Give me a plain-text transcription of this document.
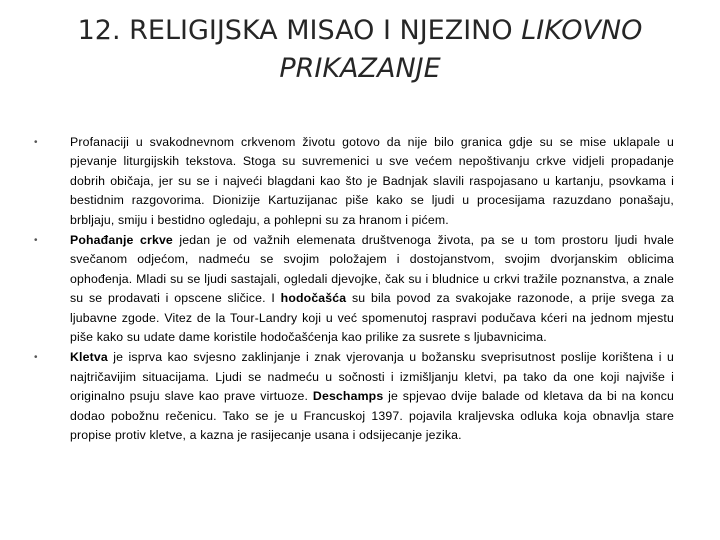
12. RELIGIJSKA MISAO I NJEZINO LIKOVNO PRIKAZANJE
•	Profanaciji u svakodnevnom crkvenom životu gotovo da nije bilo granica gdje su se mise uklapale u pjevanje liturgijskih tekstova. Stoga su suvremenici u sve većem nepoštivanju crkve vidjeli propadanje dobrih običaja, jer su se i najveći blagdani kao što je Badnjak slavili raspojasano u kartanju, psovkama i bestidnim razgovorima. Dionizije Kartuzijanac piše kako se ljudi u procesijama razuzdano ponašaju, brbljaju, smiju i bestidno ogledaju, a pohlepni su za hranom i pićem.
•	Pohađanje crkve jedan je od važnih elemenata društvenoga života, pa se u tom prostoru ljudi hvale svečanom odjećom, nadmeću se svojim položajem i dostojanstvom, svojim dvorjanskim oblicima ophođenja. Mladi su se ljudi sastajali, ogledali djevojke, čak su i bludnice u crkvi tražile poznanstva, a znale su se prodavati i opscene sličice. I hodočašća su bila povod za svakojake razonode, a prije svega za ljubavne zgode. Vitez de la Tour-Landry koji u već spomenutoj raspravi podučava kćeri na jednom mjestu piše kako su udate dame koristile hodočašćenja kao prilike za susrete s ljubavnicima.
•	Kletva je isprva kao svjesno zaklinjanje i znak vjerovanja u božansku sveprisutnost poslije korištena i u najtričavijim situacijama. Ljudi se nadmeću u sočnosti i izmišljanju kletvi, pa tako da one koji najviše i originalno psuju slave kao prave virtuoze. Deschamps je spjevao dvije balade od kletava da bi na koncu dodao pobožnu rečenicu. Tako se je u Francuskoj 1397. pojavila kraljevska odluka koja obnavlja stare propise protiv kletve, a kazna je rasijecanje usana i odsijecanje jezika.
